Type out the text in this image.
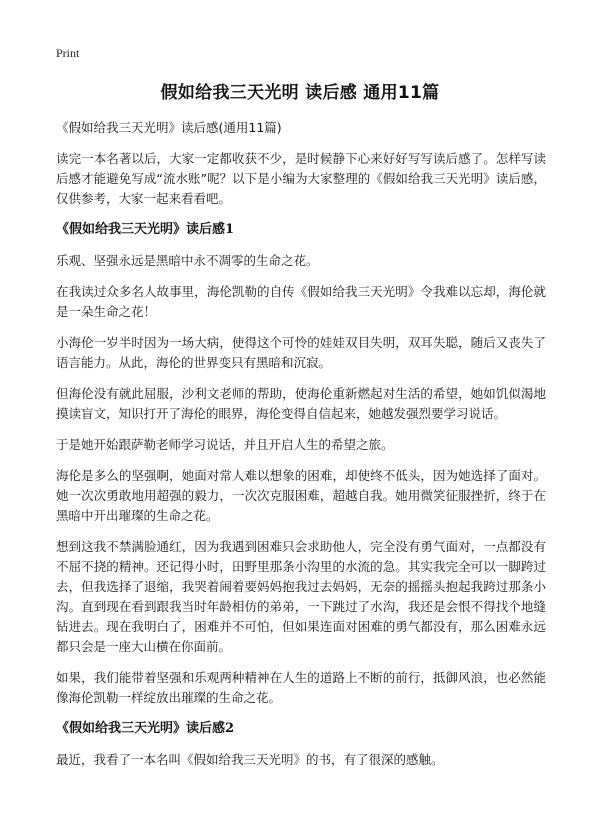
Print
假如给我三天光明 读后感 通用11篇

《假如给我三天光明》读后感(通用11篇)

读完一本名著以后，大家一定都收获不少，是时候静下心来好好写写读后感了。怎样写读后感才能避免写成“流水账”呢？以下是小编为大家整理的《假如给我三天光明》读后感，仅供参考，大家一起来看看吧。

《假如给我三天光明》读后感1

乐观、坚强永远是黑暗中永不凋零的生命之花。

在我读过众多名人故事里，海伦凯勒的自传《假如给我三天光明》令我难以忘却，海伦就是一朵生命之花！

小海伦一岁半时因为一场大病，使得这个可怜的娃娃双目失明，双耳失聪，随后又丧失了语言能力。从此，海伦的世界变只有黑暗和沉寂。

但海伦没有就此屈服，沙利文老师的帮助，使海伦重新燃起对生活的希望，她如饥似渴地摸读盲文，知识打开了海伦的眼界，海伦变得自信起来，她越发强烈要学习说话。

于是她开始跟萨勒老师学习说话，并且开启人生的希望之旅。

海伦是多么的坚强啊，她面对常人难以想象的困难，却使终不低头，因为她选择了面对。她一次次勇敢地用超强的毅力，一次次克服困难，超越自我。她用微笑征服挫折，终于在黑暗中开出璀璨的生命之花。

想到这我不禁满脸通红，因为我遇到困难只会求助他人，完全没有勇气面对，一点都没有不屈不挠的精神。还记得小时，田野里那条小沟里的水流的急。其实我完全可以一脚跨过去，但我选择了退缩，我哭着闹着要妈妈抱我过去妈妈，无奈的摇摇头抱起我跨过那条小沟。直到现在看到跟我当时年龄相仿的弟弟，一下跳过了水沟，我还是会恨不得找个地缝钻进去。现在我明白了，困难并不可怕，但如果连面对困难的勇气都没有，那么困难永远都只会是一座大山横在你面前。

如果，我们能带着坚强和乐观两种精神在人生的道路上不断的前行，抵御风浪，也必然能像海伦凯勒一样绽放出璀璨的生命之花。

《假如给我三天光明》读后感2

最近，我看了一本名叫《假如给我三天光明》的书，有了很深的感触。
